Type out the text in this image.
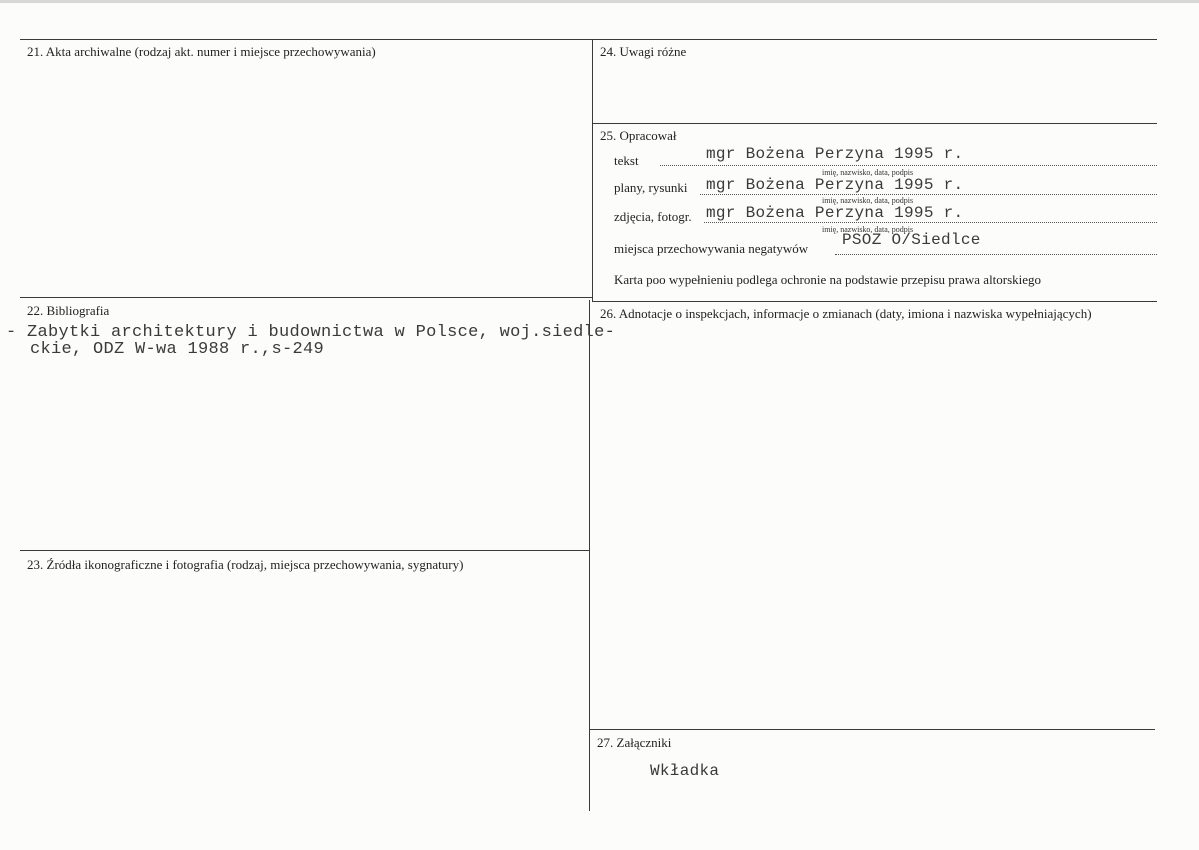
21. Akta archiwalne (rodzaj akt. numer i miejsce przechowywania)
22. Bibliografia
- Zabytki architektury i budownictwa w Polsce, woj.siedle-
ckie, ODZ W-wa 1988 r.,s-249
23. Źródła ikonograficzne i fotografia (rodzaj, miejsca przechowywania, sygnatury)
24. Uwagi różne
25. Opracował
tekst	mgr Bożena Perzyna 1995 r.
imię, nazwisko, data, podpis
plany, rysunki mgr Bożena Perzyna 1995 r.
imię, nazwisko, data, podpis
zdjęcia, fotogr. mgr Bożena Perzyna 1995 r.
imię, nazwisko, data, podpis
miejsca przechowywania negatywów PSOZ O/Siedlce
Karta poo wypełnieniu podlega ochronie na podstawie przepisu prawa altorskiego
26. Adnotacje o inspekcjach, informacje o zmianach (daty, imiona i nazwiska wypełniających)
27. Załączniki
Wkładka
